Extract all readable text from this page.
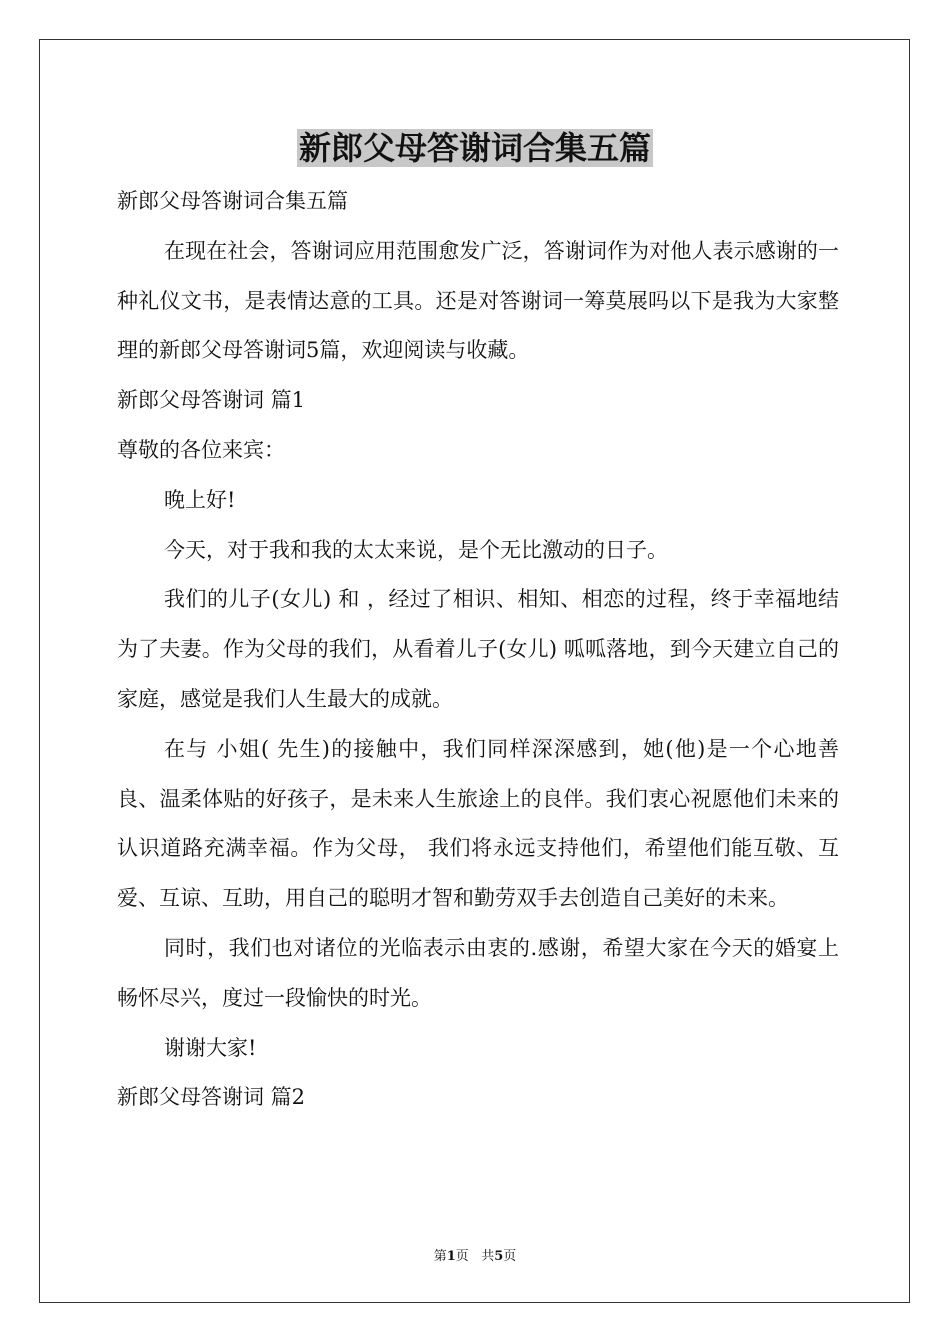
新郎父母答谢词合集五篇

新郎父母答谢词合集五篇

在现在社会，答谢词应用范围愈发广泛，答谢词作为对他人表示感谢的一种礼仪文书，是表情达意的工具。还是对答谢词一筹莫展吗以下是我为大家整理的新郎父母答谢词5篇，欢迎阅读与收藏。

新郎父母答谢词 篇1

尊敬的各位来宾：

晚上好!

今天，对于我和我的太太来说，是个无比激动的日子。

我们的儿子(女儿) 和 ，经过了相识、相知、相恋的过程，终于幸福地结为了夫妻。作为父母的我们，从看着儿子(女儿) 呱呱落地，到今天建立自己的家庭，感觉是我们人生最大的成就。

在与 小姐( 先生)的接触中，我们同样深深感到，她(他)是一个心地善良、温柔体贴的好孩子，是未来人生旅途上的良伴。我们衷心祝愿他们未来的认识道路充满幸福。作为父母， 我们将永远支持他们，希望他们能互敬、互爱、互谅、互助，用自己的聪明才智和勤劳双手去创造自己美好的未来。

同时，我们也对诸位的光临表示由衷的.感谢，希望大家在今天的婚宴上畅怀尽兴，度过一段愉快的时光。

谢谢大家!

新郎父母答谢词 篇2

第1页 共5页
